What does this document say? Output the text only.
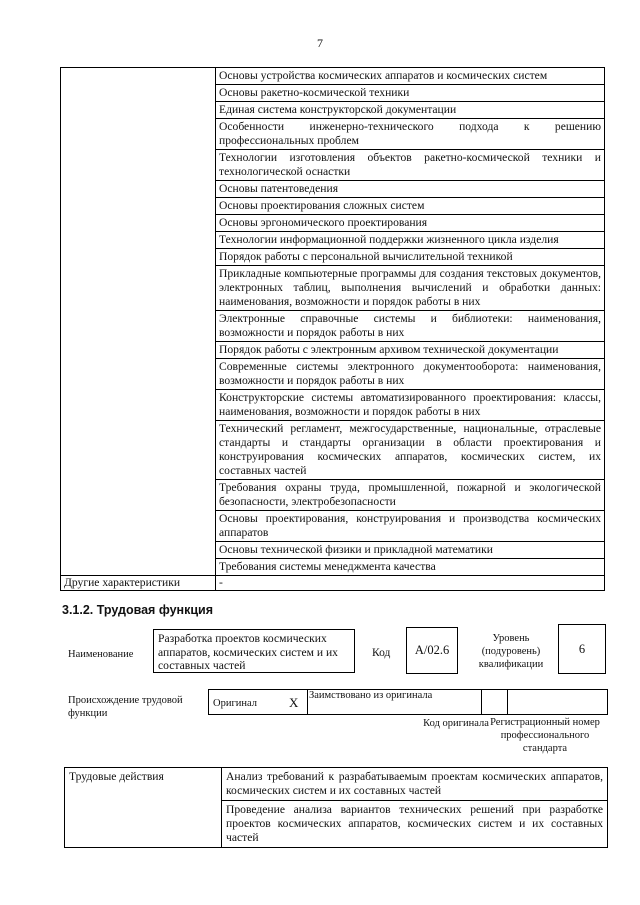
7
	Основы устройства космических аппаратов и космических систем
	Основы ракетно-космической техники
	Единая система конструкторской документации
	Особенности инженерно-технического подхода к решению профессиональных проблем
	Технологии изготовления объектов ракетно-космической техники и технологической оснастки
	Основы патентоведения
	Основы проектирования сложных систем
	Основы эргономического проектирования
	Технологии информационной поддержки жизненного цикла изделия
	Порядок работы с персональной вычислительной техникой
	Прикладные компьютерные программы для создания текстовых документов, электронных таблиц, выполнения вычислений и обработки данных: наименования, возможности и порядок работы в них
	Электронные справочные системы и библиотеки: наименования, возможности и порядок работы в них
	Порядок работы с электронным архивом технической документации
	Современные системы электронного документооборота: наименования, возможности и порядок работы в них
	Конструкторские системы автоматизированного проектирования: классы, наименования, возможности и порядок работы в них
	Технический регламент, межгосударственные, национальные, отраслевые стандарты и стандарты организации в области проектирования и конструирования космических аппаратов, космических систем, их составных частей
	Требования охраны труда, промышленной, пожарной и экологической безопасности, электробезопасности
	Основы проектирования, конструирования и производства космических аппаратов
	Основы технической физики и прикладной математики
	Требования системы менеджмента качества
Другие характеристики	-
3.1.2. Трудовая функция
Наименование
Разработка проектов космических аппаратов, космических систем и их составных частей
Код	A/02.6
Уровень (подуровень) квалификации
6
Происхождение трудовой функции
Оригинал X Заимствовано из оригинала
Код оригинала Регистрационный номер профессионального стандарта
Трудовые действия	Анализ требований к разрабатываемым проектам космических аппаратов, космических систем и их составных частей
Проведение анализа вариантов технических решений при разработке проектов космических аппаратов, космических систем и их составных частей
